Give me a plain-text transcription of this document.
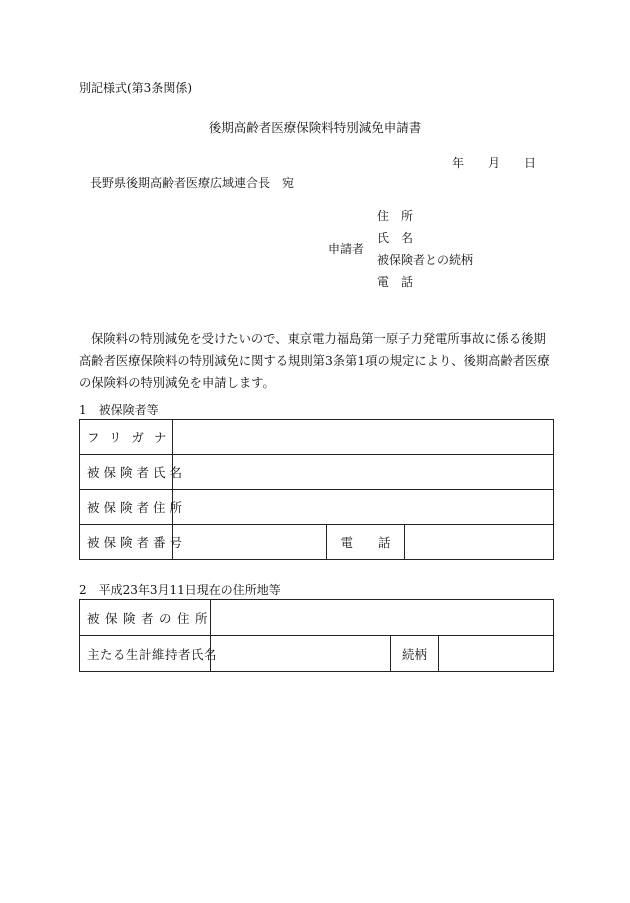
別記様式(第3条関係)
後期高齢者医療保険料特別減免申請書
年 月 日
長野県後期高齢者医療広域連合長　宛
申請者
住　所
氏　名
被保険者との続柄
電　話
保険料の特別減免を受けたいので、東京電力福島第一原子力発電所事故に係る後期高齢者医療保険料の特別減免に関する規則第3条第1項の規定により、後期高齢者医療の保険料の特別減免を申請します。
1　被保険者等
フリガナ			
被保険者氏名			
被保険者住所			
被保険者番号		電　　話	
2　平成23年3月11日現在の住所地等
被保険者の住所			
主たる生計維持者氏名		続柄	
